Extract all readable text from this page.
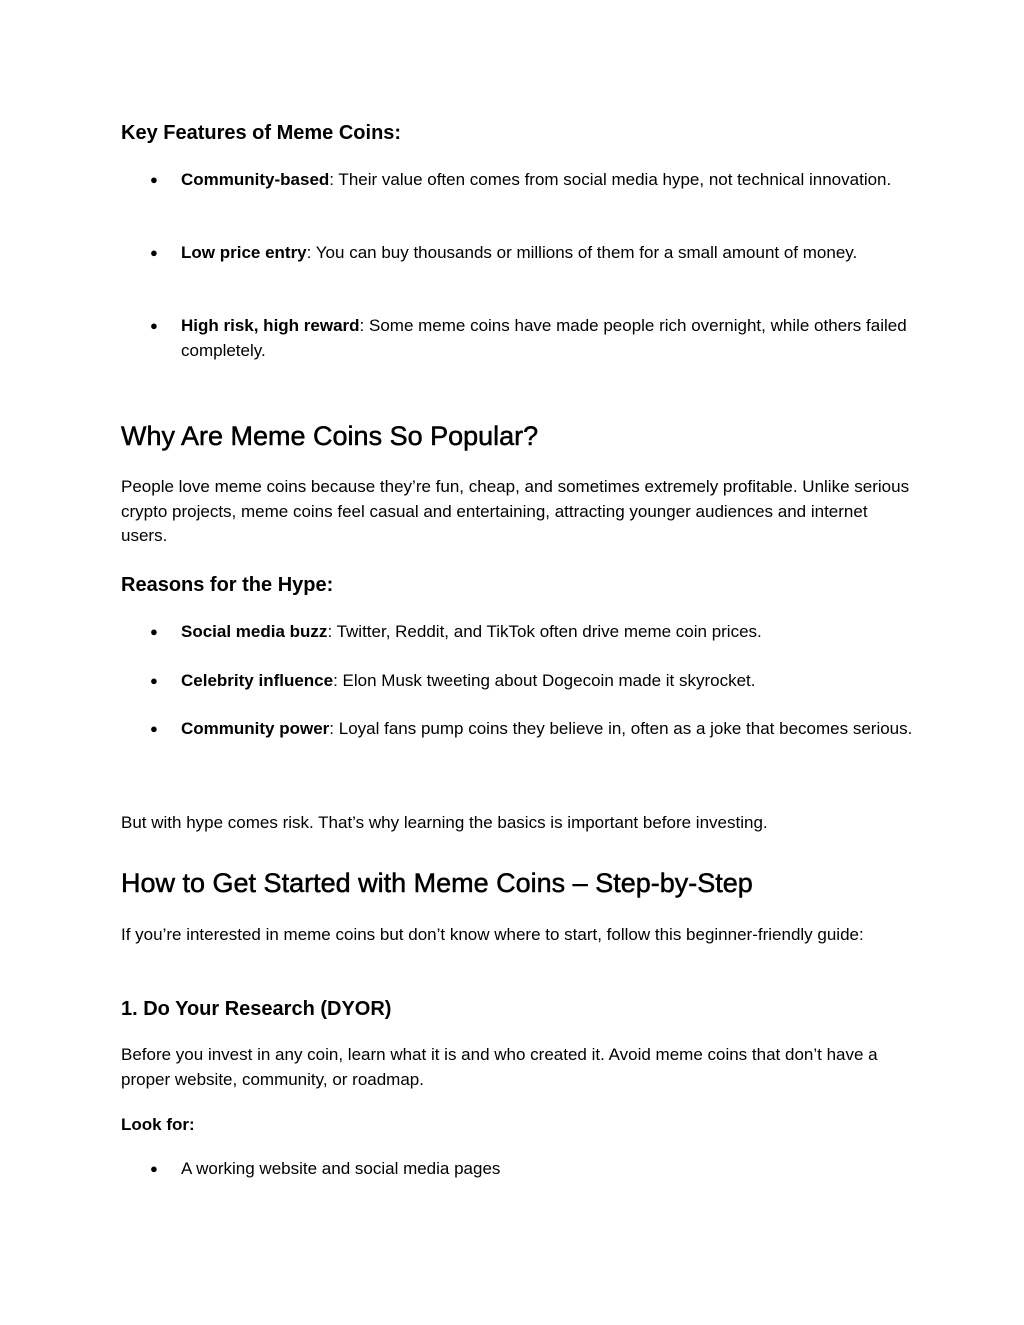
Key Features of Meme Coins:
● Community-based: Their value often comes from social media hype, not technical innovation.
● Low price entry: You can buy thousands or millions of them for a small amount of money.
● High risk, high reward: Some meme coins have made people rich overnight, while others failed completely.
Why Are Meme Coins So Popular?

People love meme coins because they’re fun, cheap, and sometimes extremely profitable. Unlike serious crypto projects, meme coins feel casual and entertaining, attracting younger audiences and internet users.

Reasons for the Hype:
● Social media buzz: Twitter, Reddit, and TikTok often drive meme coin prices.
● Celebrity influence: Elon Musk tweeting about Dogecoin made it skyrocket.
● Community power: Loyal fans pump coins they believe in, often as a joke that becomes serious.

But with hype comes risk. That’s why learning the basics is important before investing.

How to Get Started with Meme Coins – Step-by-Step

If you’re interested in meme coins but don’t know where to start, follow this beginner-friendly guide:

1. Do Your Research (DYOR)

Before you invest in any coin, learn what it is and who created it. Avoid meme coins that don’t have a proper website, community, or roadmap.

Look for:

● A working website and social media pages
